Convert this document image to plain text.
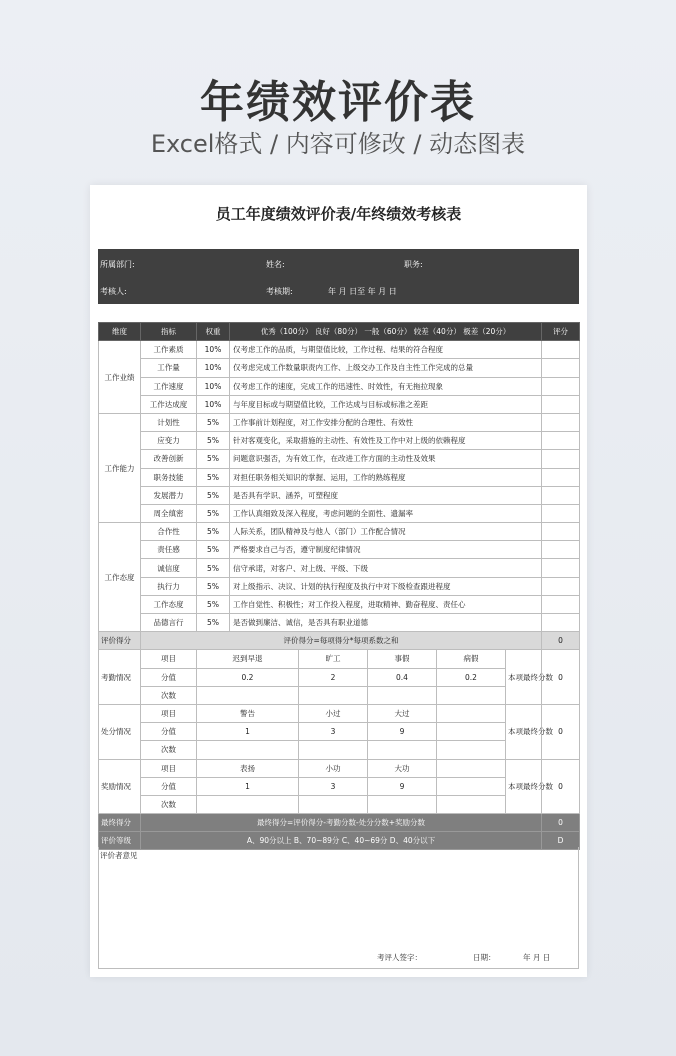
年绩效评价表
Excel格式 / 内容可修改 / 动态图表
员工年度绩效评价表/年终绩效考核表
所属部门:	姓名:	职务:
考核人:	考核期:	年 月 日至 年 月 日
维度	指标	权重	优秀（100分） 良好（80分） 一般（60分） 较差（40分） 极差（20分）					评分
工作业绩	工作素质	10%	仅考虑工作的品质，与期望值比较，工作过程、结果的符合程度					
	工作量	10%	仅考虑完成工作数量职责内工作、上级交办工作及自主性工作完成的总量					
	工作速度	10%	仅考虑工作的速度，完成工作的迅速性、时效性，有无拖拉现象					
	工作达成度	10%	与年度目标或与期望值比较，工作达成与目标或标准之差距					
工作能力	计划性	5%	工作事前计划程度，对工作安排分配的合理性、有效性					
	应变力	5%	针对客观变化，采取措施的主动性、有效性及工作中对上级的依赖程度					
	改善创新	5%	问题意识强否，为有效工作，在改进工作方面的主动性及效果					
	职务技能	5%	对担任职务相关知识的掌握、运用，工作的熟练程度					
	发展潜力	5%	是否具有学识、涵养，可塑程度					
	周全缜密	5%	工作认真细致及深入程度，考虑问题的全面性、遗漏率					
工作态度	合作性	5%	人际关系，团队精神及与他人（部门）工作配合情况					
	责任感	5%	严格要求自己与否，遵守制度纪律情况					
	诚信度	5%	信守承诺，对客户、对上级、平级、下级					
	执行力	5%	对上级指示、决议、计划的执行程度及执行中对下级检查跟进程度					
	工作态度	5%	工作自觉性、积极性；对工作投入程度，进取精神、勤奋程度、责任心					
	品德言行	5%	是否做到廉洁、诚信，是否具有职业道德					
评价得分	评价得分=每项得分*每项系数之和							0
考勤情况	项目	迟到早退		旷工	事假	病假	本项最终分数	0
	分值	0.2		2	0.4	0.2		
	次数							
处分情况	项目	警告		小过	大过		本项最终分数	0
	分值	1		3	9			
	次数							
奖励情况	项目	表扬		小功	大功		本项最终分数	0
	分值	1		3	9			
	次数							
最终得分	最终得分=评价得分-考勤分数-处分分数+奖励分数							0
评价等级	A、90分以上 B、70~89分 C、40~69分 D、40分以下							D
评价者意见
考评人签字：	日期：	年 月 日
